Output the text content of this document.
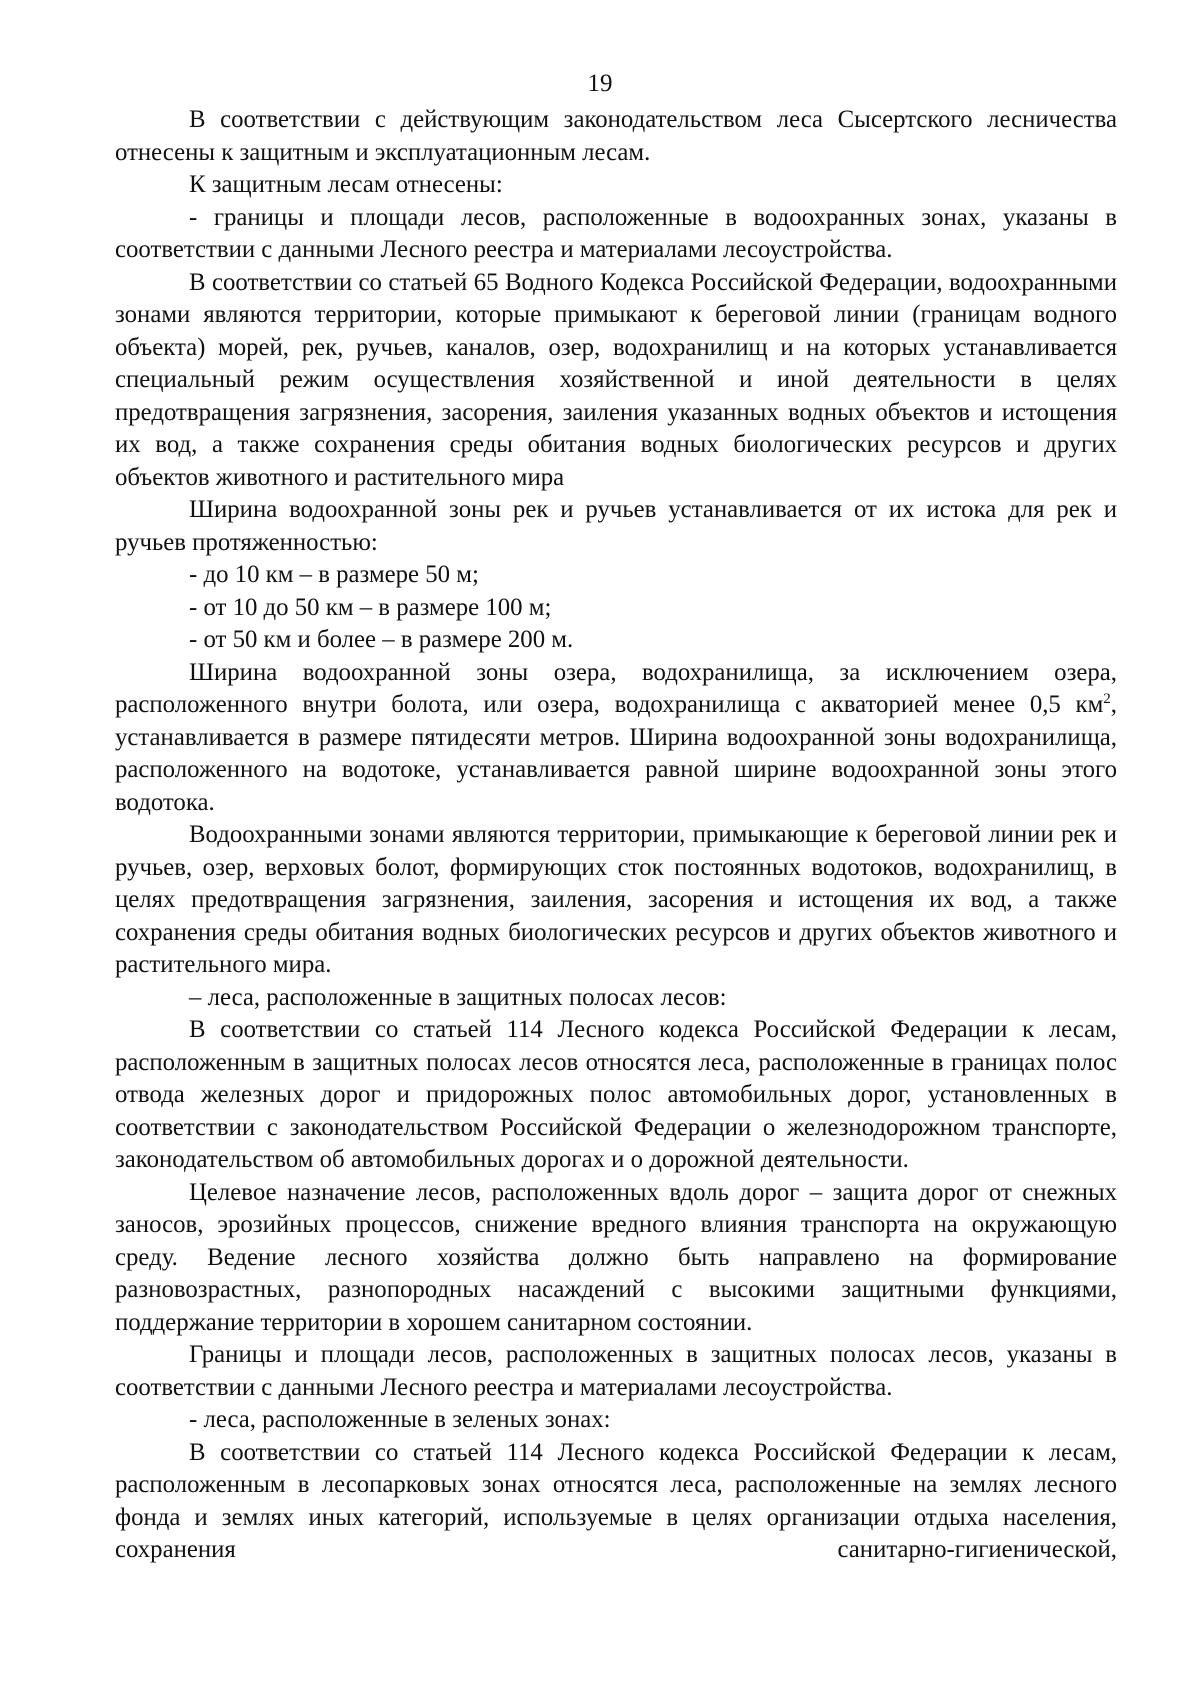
19

В соответствии с действующим законодательством леса Сысертского лесничества отнесены к защитным и эксплуатационным лесам.

К защитным лесам отнесены:

- границы и площади лесов, расположенные в водоохранных зонах, указаны в соответствии с данными Лесного реестра и материалами лесоустройства.

В соответствии со статьей 65 Водного Кодекса Российской Федерации, водоохранными зонами являются территории, которые примыкают к береговой линии (границам водного объекта) морей, рек, ручьев, каналов, озер, водохранилищ и на которых устанавливается специальный режим осуществления хозяйственной и иной деятельности в целях предотвращения загрязнения, засорения, заиления указанных водных объектов и истощения их вод, а также сохранения среды обитания водных биологических ресурсов и других объектов животного и растительного мира

Ширина водоохранной зоны рек и ручьев устанавливается от их истока для рек и ручьев протяженностью:

- до 10 км – в размере 50 м;

- от 10 до 50 км – в размере 100 м;

- от 50 км и более – в размере 200 м.

Ширина водоохранной зоны озера, водохранилища, за исключением озера, расположенного внутри болота, или озера, водохранилища с акваторией менее 0,5 $км^2$, устанавливается в размере пятидесяти метров. Ширина водоохранной зоны водохранилища, расположенного на водотоке, устанавливается равной ширине водоохранной зоны этого водотока.

Водоохранными зонами являются территории, примыкающие к береговой линии рек и ручьев, озер, верховых болот, формирующих сток постоянных водотоков, водохранилищ, в целях предотвращения загрязнения, заиления, засорения и истощения их вод, а также сохранения среды обитания водных биологических ресурсов и других объектов животного и растительного мира.

– леса, расположенные в защитных полосах лесов:

В соответствии со статьей 114 Лесного кодекса Российской Федерации к лесам, расположенным в защитных полосах лесов относятся леса, расположенные в границах полос отвода железных дорог и придорожных полос автомобильных дорог, установленных в соответствии с законодательством Российской Федерации о железнодорожном транспорте, законодательством об автомобильных дорогах и о дорожной деятельности.

Целевое назначение лесов, расположенных вдоль дорог – защита дорог от снежных заносов, эрозийных процессов, снижение вредного влияния транспорта на окружающую среду. Ведение лесного хозяйства должно быть направлено на формирование разновозрастных, разнопородных насаждений с высокими защитными функциями, поддержание территории в хорошем санитарном состоянии.

Границы и площади лесов, расположенных в защитных полосах лесов, указаны в соответствии с данными Лесного реестра и материалами лесоустройства.

- леса, расположенные в зеленых зонах:

В соответствии со статьей 114 Лесного кодекса Российской Федерации к лесам, расположенным в лесопарковых зонах относятся леса, расположенные на землях лесного фонда и землях иных категорий, используемые в целях организации отдыха населения, сохранения санитарно-гигиенической,
